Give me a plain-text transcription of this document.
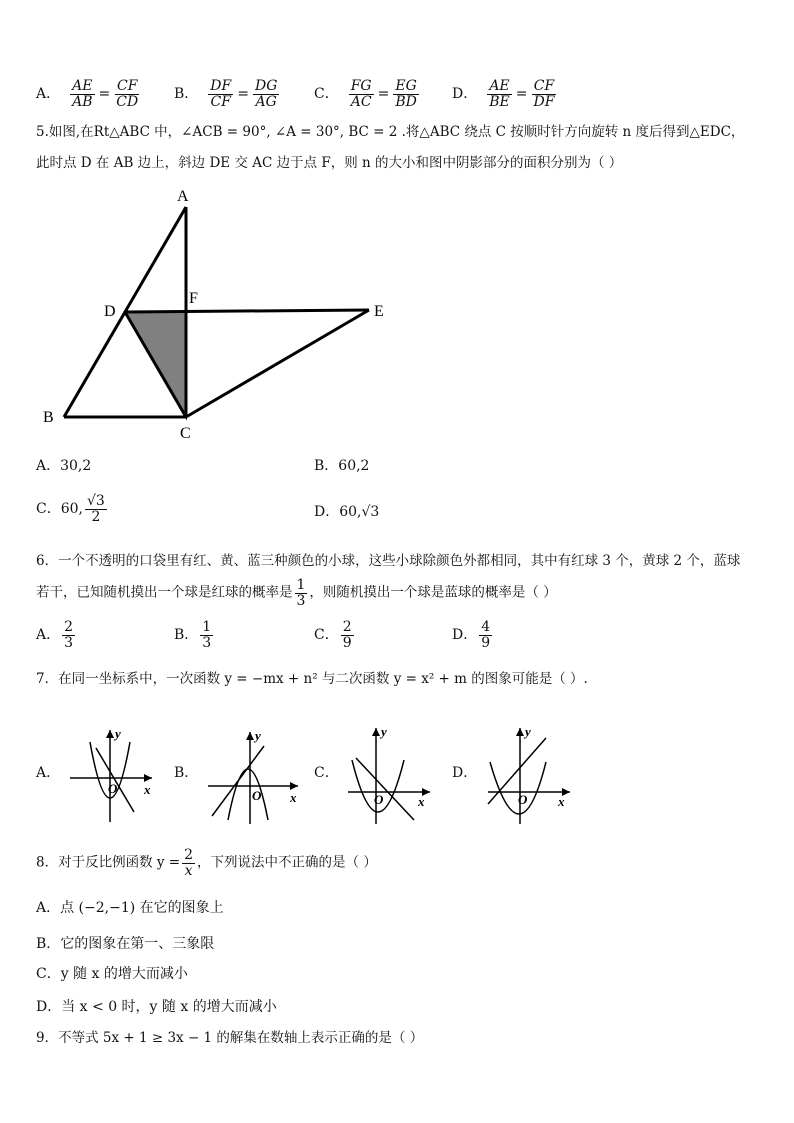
A． $\frac{AE}{AB} = \frac{CF}{CD}$ B． $\frac{DF}{CF} = \frac{DG}{AG}$ C． $\frac{FG}{AC} = \frac{EG}{BD}$ D． $\frac{AE}{BE} = \frac{CF}{DF}$
5.如图,在Rt△ABC 中，∠ACB = 90°, ∠A = 30°, BC = 2 .将△ABC 绕点 C 按顺时针方向旋转 n 度后得到△EDC，
此时点 D 在 AB 边上，斜边 DE 交 AC 边于点 F，则 n 的大小和图中阴影部分的面积分别为（ ）
A
D
F
E
B
C
A．30,2	B．60,2
C．60, $\frac{√3}{2}$	D．60,√3
6．一个不透明的口袋里有红、黄、蓝三种颜色的小球，这些小球除颜色外都相同，其中有红球 3 个，黄球 2 个，蓝球
若干，已知随机摸出一个球是红球的概率是 $\frac{1}{3}$ ，则随机摸出一个球是蓝球的概率是（ ）
A． $\frac{2}{3}$	B． $\frac{1}{3}$	C． $\frac{2}{9}$	D． $\frac{4}{9}$
7．在同一坐标系中，一次函数 y = −mx + n² 与二次函数 y = x² + m 的图象可能是（ ）.
A．	B．	C．	D．
y
x
O
y
x
O
y
x
O
y
x
O
8．对于反比例函数 $y = \frac{2}{x}$ ，下列说法中不正确的是（ ）
A．点 (−2,−1) 在它的图象上
B．它的图象在第一、三象限
C．y 随 x 的增大而减小
D．当 x < 0 时，y 随 x 的增大而减小
9．不等式 5x + 1 ≥ 3x − 1 的解集在数轴上表示正确的是（ ）
